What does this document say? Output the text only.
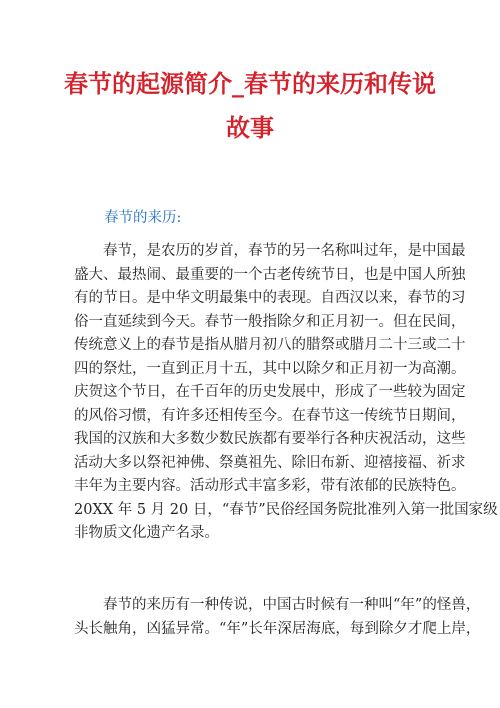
春节的起源简介_春节的来历和传说
故事
春节的来历:
春节，是农历的岁首，春节的另一名称叫过年，是中国最
盛大、最热闹、最重要的一个古老传统节日，也是中国人所独
有的节日。是中华文明最集中的表现。自西汉以来，春节的习
俗一直延续到今天。春节一般指除夕和正月初一。但在民间，
传统意义上的春节是指从腊月初八的腊祭或腊月二十三或二十
四的祭灶，一直到正月十五，其中以除夕和正月初一为高潮。
庆贺这个节日，在千百年的历史发展中，形成了一些较为固定
的风俗习惯，有许多还相传至今。在春节这一传统节日期间，
我国的汉族和大多数少数民族都有要举行各种庆祝活动，这些
活动大多以祭祀神佛、祭奠祖先、除旧布新、迎禧接福、祈求
丰年为主要内容。活动形式丰富多彩，带有浓郁的民族特色。
20XX 年 5 月 20 日，“春节”民俗经国务院批准列入第一批国家级
非物质文化遗产名录。
春节的来历有一种传说，中国古时候有一种叫“年”的怪兽，
头长触角，凶猛异常。“年”长年深居海底，每到除夕才爬上岸，
